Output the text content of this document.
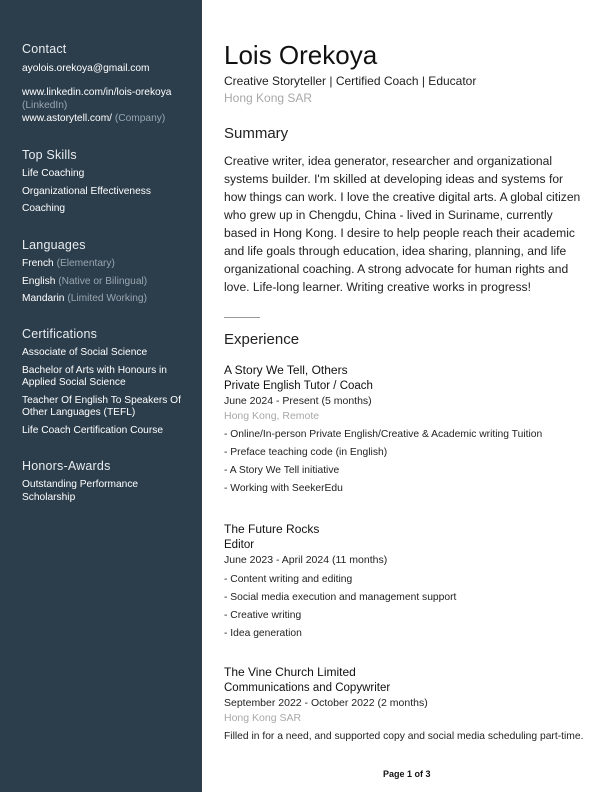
Contact
ayolois.orekoya@gmail.com
www.linkedin.com/in/lois-orekoya
(LinkedIn)
www.astorytell.com/ (Company)
Top Skills
Life Coaching
Organizational Effectiveness
Coaching
Languages
French (Elementary)
English (Native or Bilingual)
Mandarin (Limited Working)
Certifications
Associate of Social Science
Bachelor of Arts with Honours in Applied Social Science
Teacher Of English To Speakers Of Other Languages (TEFL)
Life Coach Certification Course
Honors-Awards
Outstanding Performance Scholarship
Lois Orekoya
Creative Storyteller | Certified Coach | Educator
Hong Kong SAR
Summary
Creative writer, idea generator, researcher and organizational systems builder. I'm skilled at developing ideas and systems for how things can work. I love the creative digital arts. A global citizen who grew up in Chengdu, China - lived in Suriname, currently based in Hong Kong. I desire to help people reach their academic and life goals through education, idea sharing, planning, and life organizational coaching. A strong advocate for human rights and love. Life-long learner. Writing creative works in progress!
Experience
A Story We Tell, Others
Private English Tutor / Coach
June 2024 - Present (5 months)
Hong Kong, Remote
- Online/In-person Private English/Creative & Academic writing Tuition
- Preface teaching code (in English)
- A Story We Tell initiative
- Working with SeekerEdu
The Future Rocks
Editor
June 2023 - April 2024 (11 months)
- Content writing and editing
- Social media execution and management support
- Creative writing
- Idea generation
The Vine Church Limited
Communications and Copywriter
September 2022 - October 2022 (2 months)
Hong Kong SAR
Filled in for a need, and supported copy and social media scheduling part-time.
Page 1 of 3
